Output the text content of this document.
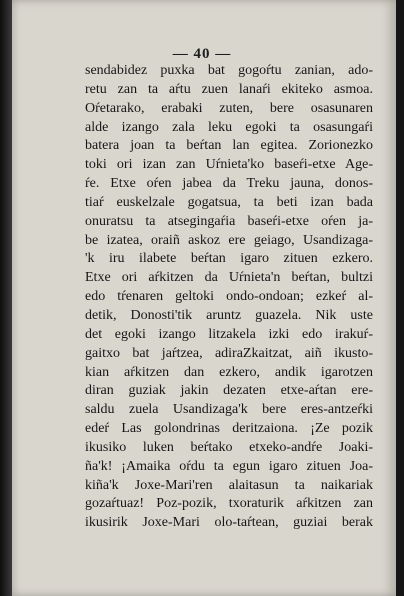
— 40 —
sendabidez puxka bat gogoŕtu zanian, ado-
retu zan ta aŕtu zuen lanaŕi ekiteko asmoa.
Oŕetarako, erabaki zuten, bere osasunaren
alde izango zala leku egoki ta osasungaŕi
batera joan ta beŕtan lan egitea. Zorionezko
toki ori izan zan Uŕnieta'ko baseŕi-etxe Age-
ŕe. Etxe oŕen jabea da Treku jauna, donos-
tiaŕ euskelzale gogatsua, ta beti izan bada
onuratsu ta atsegingaŕia baseŕi-etxe oŕen ja-
be izatea, oraiñ askoz ere geiago, Usandizaga-
'k iru ilabete beŕtan igaro zituen ezkero.
Etxe ori aŕkitzen da Uŕnieta'n beŕtan, bultzi
edo tŕenaren geltoki ondo-ondoan; ezkeŕ al-
detik, Donosti'tik aruntz guazela. Nik uste
det egoki izango litzakela izki edo irakuŕ-
gaitxo bat jaŕtzea, adiraZkaitzat, aiñ ikusto-
kian aŕkitzen dan ezkero, andik igarotzen
diran guziak jakin dezaten etxe-aŕtan ere-
saldu zuela Usandizaga'k bere eres-antzeŕki
edeŕ Las golondrinas deritzaiona. ¡Ze pozik
ikusiko luken beŕtako etxeko-andŕe Joaki-
ña'k! ¡Amaika oŕdu ta egun igaro zituen Joa-
kiña'k Joxe-Mari'ren alaitasun ta naikariak
gozaŕtuaz! Poz-pozik, txoraturik aŕkitzen zan
ikusirik Joxe-Mari olo-taŕtean, guziai berak
